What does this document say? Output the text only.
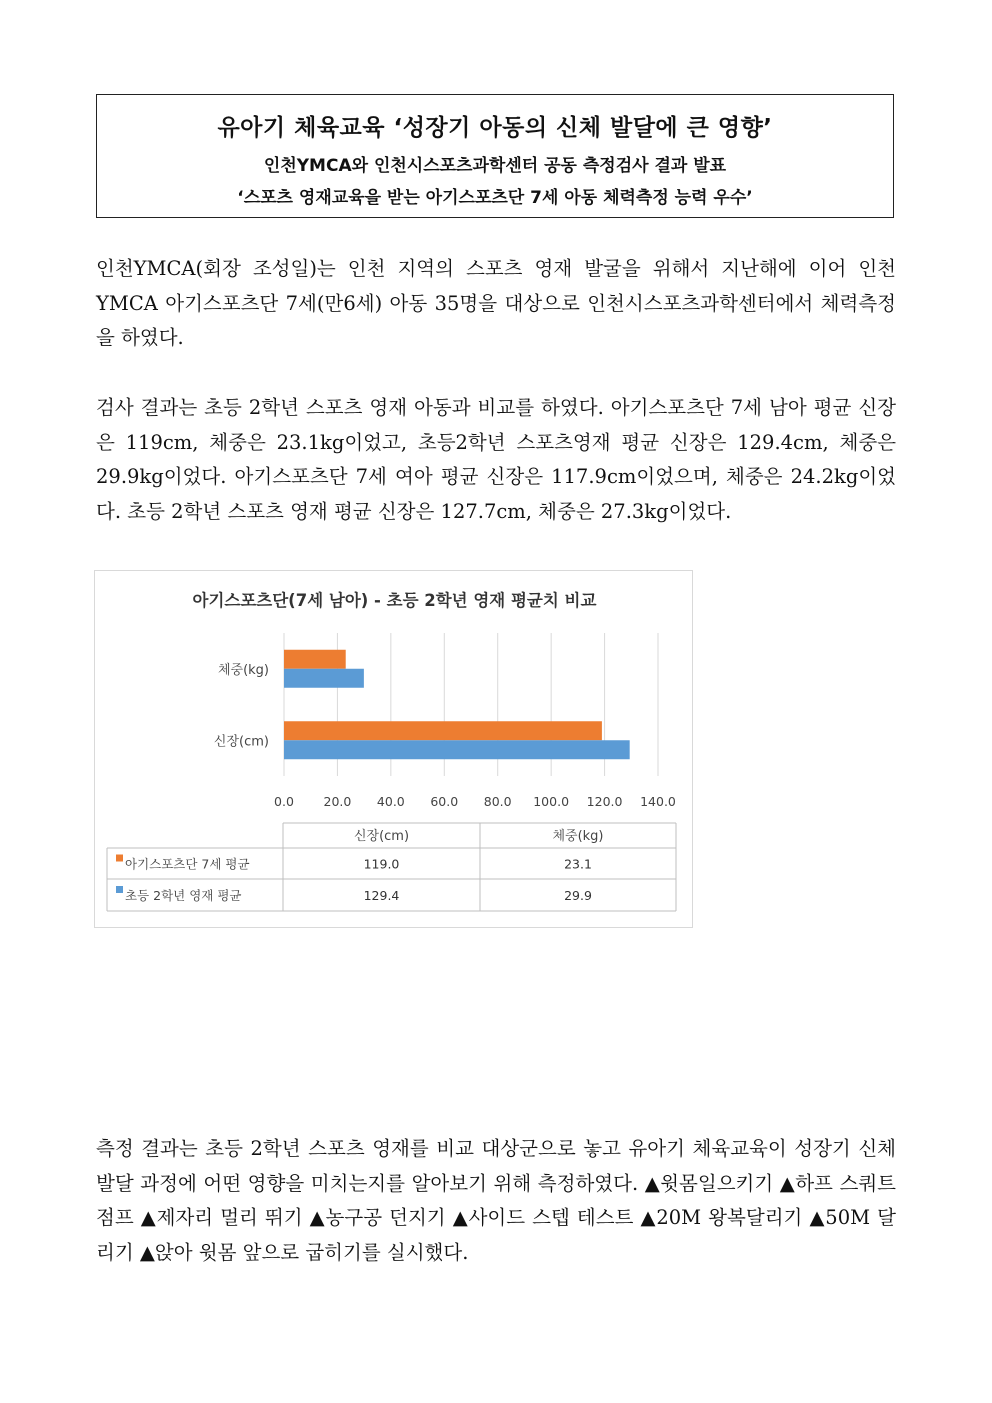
유아기 체육교육 ‘성장기 아동의 신체 발달에 큰 영향’
인천YMCA와 인천시스포츠과학센터 공동 측정검사 결과 발표
‘스포츠 영재교육을 받는 아기스포츠단 7세 아동 체력측정 능력 우수’

인천YMCA(회장 조성일)는 인천 지역의 스포츠 영재 발굴을 위해서 지난해에 이어 인천YMCA 아기스포츠단 7세(만6세) 아동 35명을 대상으로 인천시스포츠과학센터에서 체력측정을 하였다.

검사 결과는 초등 2학년 스포츠 영재 아동과 비교를 하였다. 아기스포츠단 7세 남아 평균 신장은 119cm, 체중은 23.1kg이었고, 초등2학년 스포츠영재 평균 신장은 129.4cm, 체중은 29.9kg이었다. 아기스포츠단 7세 여아 평균 신장은 117.9cm이었으며, 체중은 24.2kg이었다. 초등 2학년 스포츠 영재 평균 신장은 127.7cm, 체중은 27.3kg이었다.

아기스포츠단(7세 남아) - 초등 2학년 영재 평균치 비교
0.0 20.0 40.0 60.0 80.0 100.0 120.0 140.0
신장(cm)
체중(kg)
신장(cm)	체중(kg)
아기스포츠단 7세 평균	119.0	23.1
초등 2학년 영재 평균	129.4	29.9

측정 결과는 초등 2학년 스포츠 영재를 비교 대상군으로 놓고 유아기 체육교육이 성장기 신체 발달 과정에 어떤 영향을 미치는지를 알아보기 위해 측정하였다. ▲윗몸일으키기 ▲하프 스쿼트 점프 ▲제자리 멀리 뛰기 ▲농구공 던지기 ▲사이드 스텝 테스트 ▲20M 왕복달리기 ▲50M 달리기 ▲앉아 윗몸 앞으로 굽히기를 실시했다.
